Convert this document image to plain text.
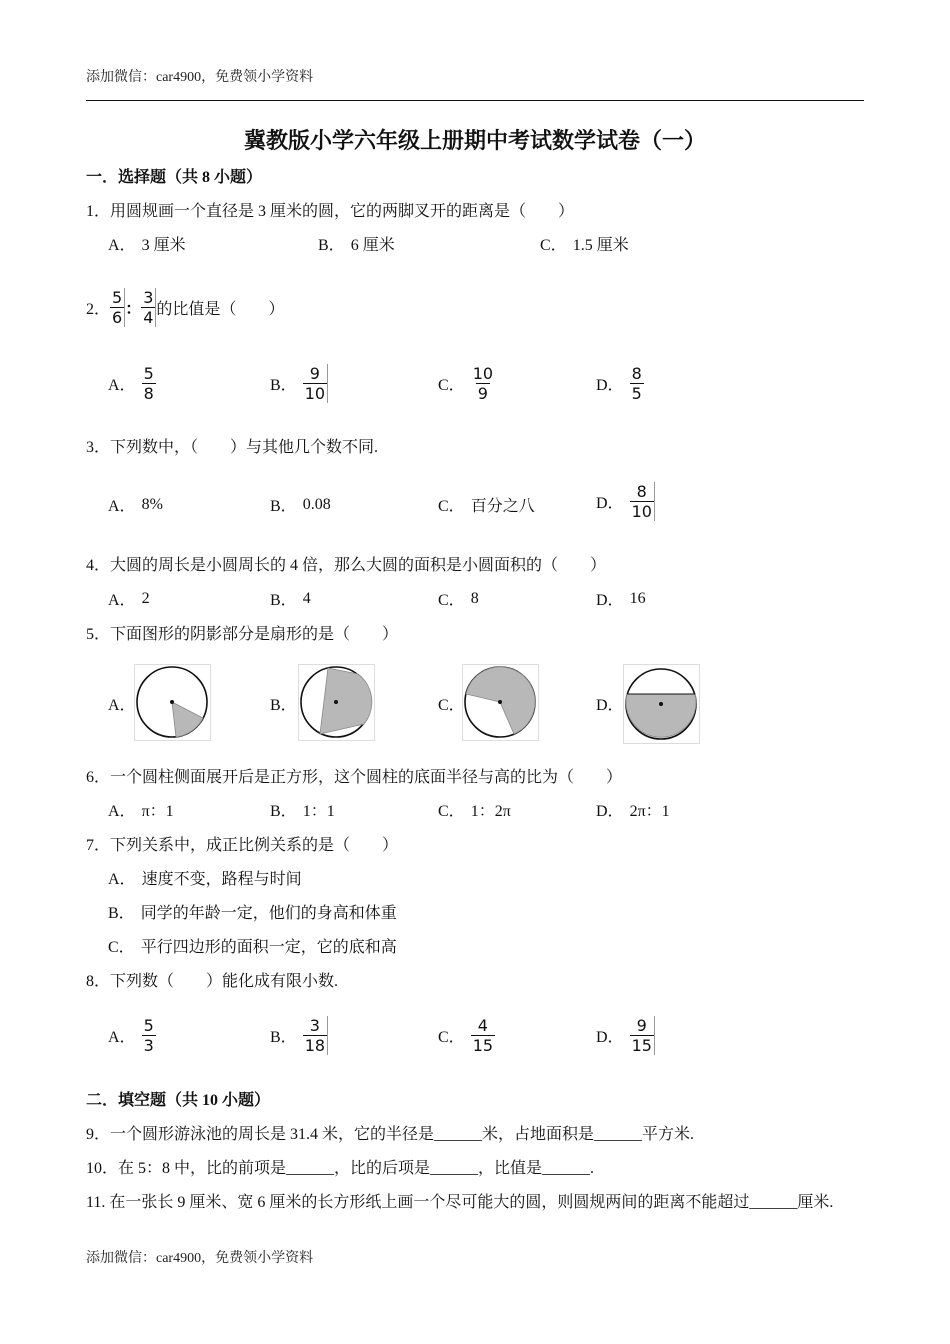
添加微信：car4900，免费领小学资料
冀教版小学六年级上册期中考试数学试卷（一）
一．选择题（共 8 小题）
1．用圆规画一个直径是 3 厘米的圆，它的两脚叉开的距离是（　　）
A． 3 厘米	B． 6 厘米	C． 1.5 厘米
2． $\frac{5}{6}$ ： $\frac{3}{4}$ 的比值是（　　）
A． $\frac{5}{8}$	B． $\frac{9}{10}$	C． $\frac{10}{9}$	D． $\frac{8}{5}$
3．下列数中，（　　）与其他几个数不同.
A． 8%	B． 0.08	C． 百分之八	D． $\frac{8}{10}$
4．大圆的周长是小圆周长的 4 倍，那么大圆的面积是小圆面积的（　　）
A． 2	B． 4	C． 8	D． 16
5．下面图形的阴影部分是扇形的是（　　）
A．	B．	C．	D．
6．一个圆柱侧面展开后是正方形，这个圆柱的底面半径与高的比为（　　）
A． π：1	B． 1：1	C． 1：2π	D． 2π：1
7．下列关系中，成正比例关系的是（　　）
A． 速度不变，路程与时间
B． 同学的年龄一定，他们的身高和体重
C． 平行四边形的面积一定，它的底和高
8．下列数（　　）能化成有限小数.
A． $\frac{5}{3}$	B． $\frac{3}{18}$	C． $\frac{4}{15}$	D． $\frac{9}{15}$
二．填空题（共 10 小题）
9．一个圆形游泳池的周长是 31.4 米，它的半径是______米，占地面积是______平方米.
10．在 5：8 中，比的前项是______，比的后项是______，比值是______.
11. 在一张长 9 厘米、宽 6 厘米的长方形纸上画一个尽可能大的圆，则圆规两间的距离不能超过______厘米.
添加微信：car4900，免费领小学资料
